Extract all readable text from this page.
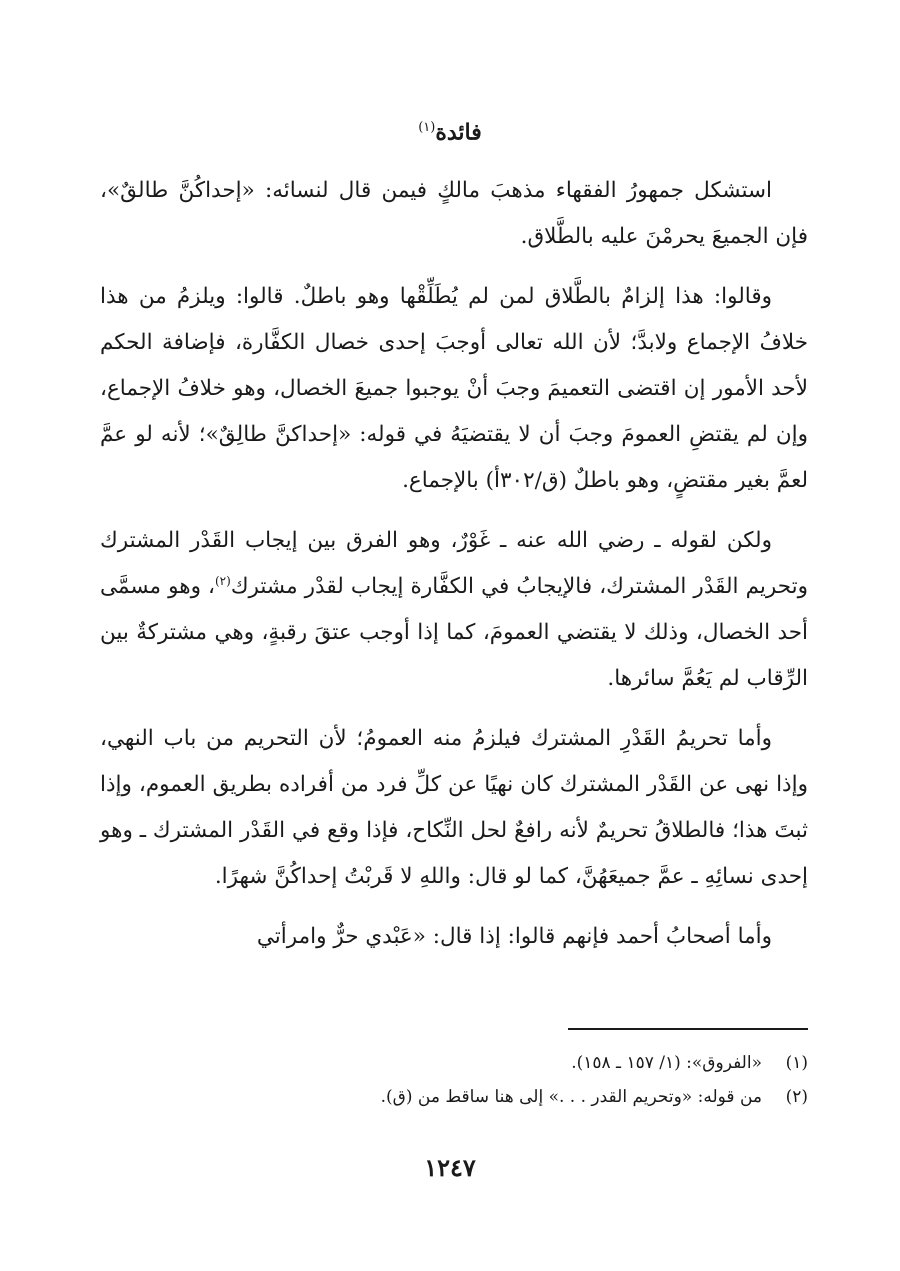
فائدة$^{(١)}$

استشكل جمهورُ الفقهاء مذهبَ مالكٍ فيمن قال لنسائه: «إحداكُنَّ طالقٌ»، فإن الجميعَ يحرمْنَ عليه بالطَّلاق.

وقالوا: هذا إلزامٌ بالطَّلاق لمن لم يُطَلِّقْها وهو باطلٌ. قالوا: ويلزمُ من هذا خلافُ الإجماع ولابدَّ؛ لأن الله تعالى أوجبَ إحدى خصال الكفَّارة، فإضافة الحكم لأحد الأمور إن اقتضى التعميمَ وجبَ أنْ يوجبوا جميعَ الخصال، وهو خلافُ الإجماع، وإن لم يقتضِ العمومَ وجبَ أن لا يقتضيَهُ في قوله: «إحداكنَّ طالِقٌ»؛ لأنه لو عمَّ لعمَّ بغير مقتضٍ، وهو باطلٌ (ق/٣٠٢أ) بالإجماع.

ولكن لقوله ـ رضي الله عنه ـ غَوْرٌ، وهو الفرق بين إيجاب القَدْر المشترك وتحريم القَدْر المشترك، فالإيجابُ في الكفَّارة إيجاب لقدْر مشترك$^{(٢)}$، وهو مسمَّى أحد الخصال، وذلك لا يقتضي العمومَ، كما إذا أوجب عتقَ رقبةٍ، وهي مشتركةٌ بين الرِّقاب لم يَعُمَّ سائرها.

وأما تحريمُ القَدْرِ المشترك فيلزمُ منه العمومُ؛ لأن التحريم من باب النهي، وإذا نهى عن القَدْر المشترك كان نهيًا عن كلِّ فرد من أفراده بطريق العموم، وإذا ثبتَ هذا؛ فالطلاقُ تحريمٌ لأنه رافعٌ لحل النِّكاح، فإذا وقع في القَدْر المشترك ـ وهو إحدى نسائِهِ ـ عمَّ جميعَهُنَّ، كما لو قال: واللهِ لا قَربْتُ إحداكُنَّ شهرًا.

وأما أصحابُ أحمد فإنهم قالوا: إذا قال: «عَبْدي حرٌّ وامرأتي

(١)
«الفروق»: (١/ ١٥٧ ـ ١٥٨).
(٢)
من قوله: «وتحريم القدر . . .» إلى هنا ساقط من (ق).
١٢٤٧
